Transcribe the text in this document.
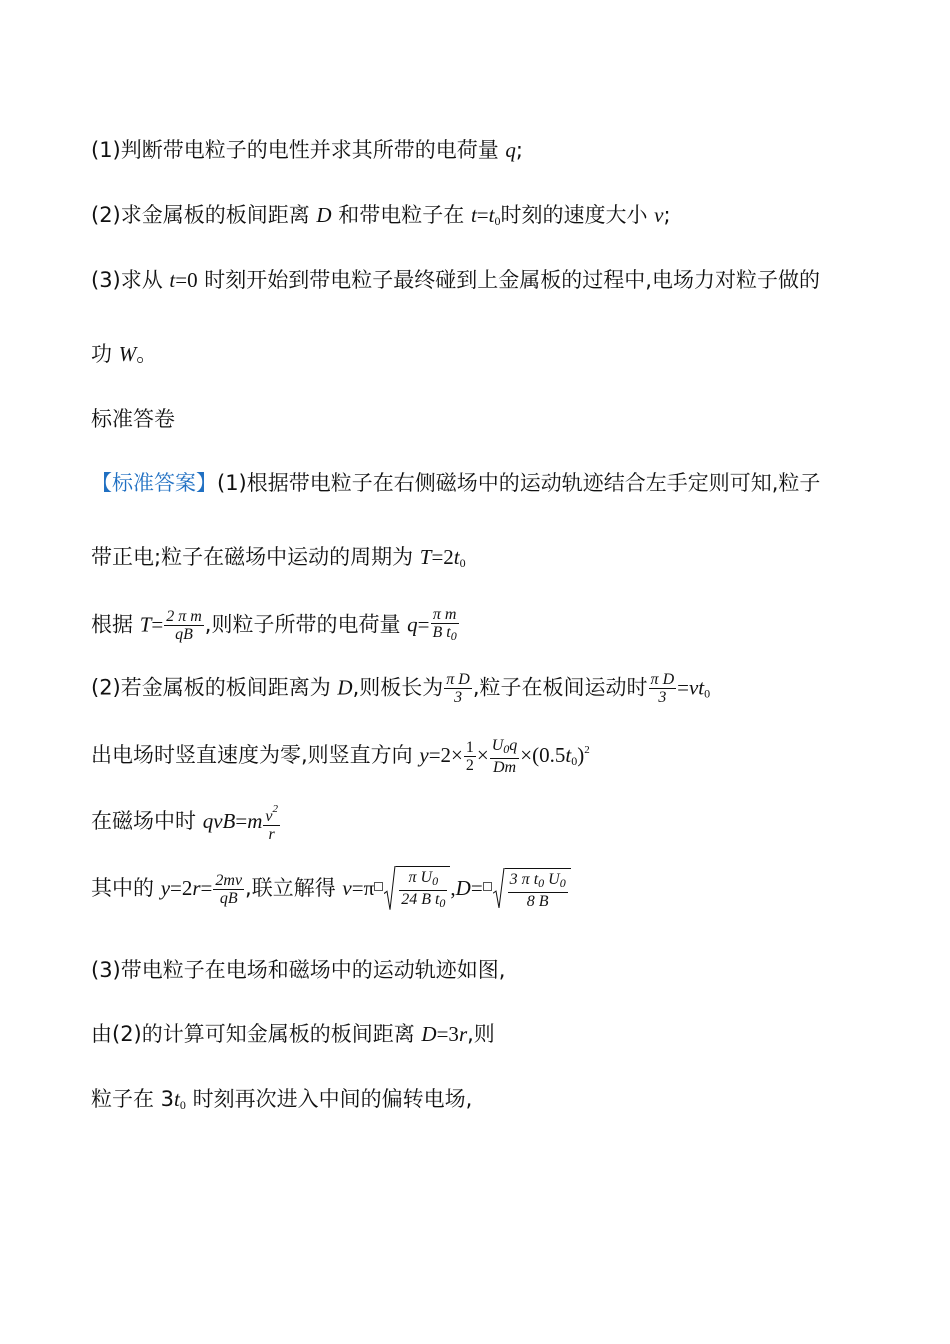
(1)判断带电粒子的电性并求其所带的电荷量 q;
(2)求金属板的板间距离 D 和带电粒子在 $t=t_0$时刻的速度大小 v;
(3)求从 t=0 时刻开始到带电粒子最终碰到上金属板的过程中,电场力对粒子做的
功 W。
标准答卷
【标准答案】(1)根据带电粒子在右侧磁场中的运动轨迹结合左手定则可知,粒子
带正电;粒子在磁场中运动的周期为 $T=2t_0$
根据 $T= \frac{\text{2 π m}}{qB}$ ,则粒子所带的电荷量 $q= \frac{\text{π m}}{B t_0}$
(2)若金属板的板间距离为 D,则板长为 $\frac{\text{π D}}{3}$ ,粒子在板间运动时 $\frac{\text{π D}}{3} =vt_0$
出电场时竖直速度为零,则竖直方向 $y=2\times \frac{1}{2} \times \frac{U_0q}{Dm} \times(0.5t_0)^2$
在磁场中时 $qvB=m \frac{v^2}{r}$
其中的 $y=2r= \frac{2mv}{qB}$ ,联立解得 $v=\pi \frac{\pi U_0}{24 B t_0} ,D= \frac{3 \pi t_0 U_0}{8 B}$
(3)带电粒子在电场和磁场中的运动轨迹如图,
由(2)的计算可知金属板的板间距离 D=3r,则
粒子在 $3t_0$ 时刻再次进入中间的偏转电场,
